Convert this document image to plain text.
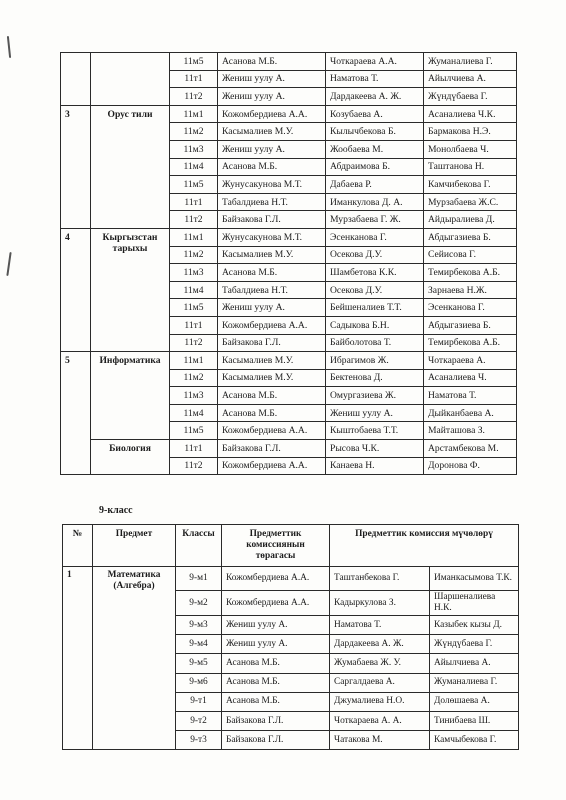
		11м5	Асанова М.Б.	Чоткараева А.А.	Жуманалиева Г.
		11т1	Жениш уулу А.	Наматова Т.	Айылчиева А.
		11т2	Жениш уулу А.	Дардакеева А. Ж.	Жүндүбаева Г.
3	Орус тили	11м1	Кожомбердиева А.А.	Козубаева А.	Асаналиева Ч.К.
		11м2	Касымалиев М.У.	Кылычбекова Б.	Бармакова Н.Э.
		11м3	Жениш уулу А.	Жообаева М.	Монолбаева Ч.
		11м4	Асанова М.Б.	Абдраимова Б.	Таштанова Н.
		11м5	Жунусакунова М.Т.	Дабаева Р.	Камчибекова Г.
		11т1	Табалдиева Н.Т.	Иманкулова Д. А.	Мурзабаева Ж.С.
		11т2	Байзакова Г.Л.	Мурзабаева Г. Ж.	Айдыралиева Д.
4	Кыргызстан тарыхы	11м1	Жунусакунова М.Т.	Эсенканова Г.	Абдыгазиева Б.
		11м2	Касымалиев М.У.	Осекова Д.У.	Сейисова Г.
		11м3	Асанова М.Б.	Шамбетова К.К.	Темирбекова А.Б.
		11м4	Табалдиева Н.Т.	Осекова Д.У.	Зарнаева Н.Ж.
		11м5	Жениш уулу А.	Бейшеналиев Т.Т.	Эсенканова Г.
		11т1	Кожомбердиева А.А.	Садыкова Б.Н.	Абдыгазиева Б.
		11т2	Байзакова Г.Л.	Байболотова Т.	Темирбекова А.Б.
5	Информатика	11м1	Касымалиев М.У.	Ибрагимов Ж.	Чоткараева А.
		11м2	Касымалиев М.У.	Бектенова Д.	Асаналиева Ч.
		11м3	Асанова М.Б.	Омургазиева Ж.	Наматова Т.
		11м4	Асанова М.Б.	Жениш уулу А.	Дыйканбаева А.
		11м5	Кожомбердиева А.А.	Кыштобаева Т.Т.	Майташова З.
	Биология	11т1	Байзакова Г.Л.	Рысова Ч.К.	Арстамбекова М.
		11т2	Кожомбердиева А.А.	Канаева Н.	Доронова Ф.
9-класс
№	Предмет	Классы	Предметтик комиссиянын төрагасы	Предметтик комиссия мүчөлөрү	
1	Математика (Алгебра)	9-м1	Кожомбердиева А.А.	Таштанбекова Г.	Иманкасымова Т.К.
		9-м2	Кожомбердиева А.А.	Кадыркулова З.	Шаршеналиева Н.К.
		9-м3	Жениш уулу А.	Наматова Т.	Казыбек кызы Д.
		9-м4	Жениш уулу А.	Дардакеева А. Ж.	Жүндүбаева Г.
		9-м5	Асанова М.Б.	Жумабаева Ж. У.	Айылчиева А.
		9-м6	Асанова М.Б.	Саргалдаева А.	Жуманалиева Г.
		9-т1	Асанова М.Б.	Джумалиева Н.О.	Долөшаева А.
		9-т2	Байзакова Г.Л.	Чоткараева А. А.	Тинибаева Ш.
		9-т3	Байзакова Г.Л.	Чатакова М.	Камчыбекова Г.
